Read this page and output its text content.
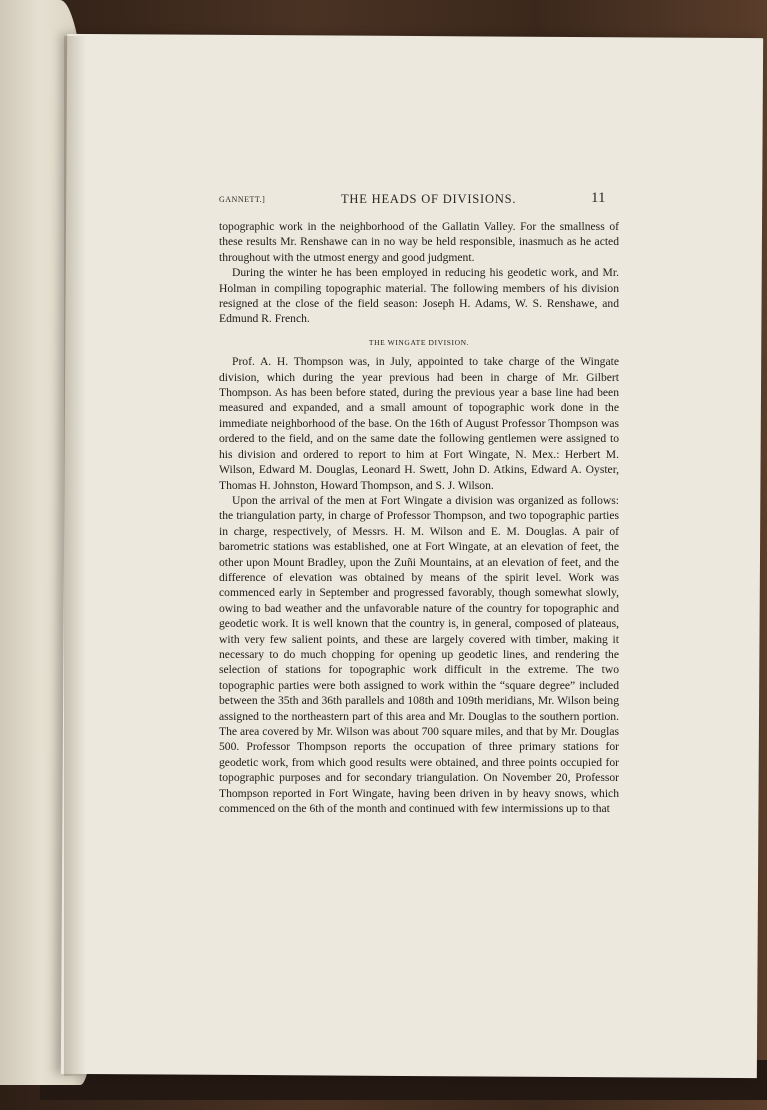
GANNETT.]	THE HEADS OF DIVISIONS.	11

topographic work in the neighborhood of the Gallatin Valley. For the smallness of these results Mr. Renshawe can in no way be held responsible, inasmuch as he acted throughout with the utmost energy and good judgment.

During the winter he has been employed in reducing his geodetic work, and Mr. Holman in compiling topographic material. The following members of his division resigned at the close of the field season: Joseph H. Adams, W. S. Renshawe, and Edmund R. French.

THE WINGATE DIVISION.

Prof. A. H. Thompson was, in July, appointed to take charge of the Wingate division, which during the year previous had been in charge of Mr. Gilbert Thompson. As has been before stated, during the previous year a base line had been measured and expanded, and a small amount of topographic work done in the immediate neighborhood of the base. On the 16th of August Professor Thompson was ordered to the field, and on the same date the following gentlemen were assigned to his division and ordered to report to him at Fort Wingate, N. Mex.: Herbert M. Wilson, Edward M. Douglas, Leonard H. Swett, John D. Atkins, Edward A. Oyster, Thomas H. Johnston, Howard Thompson, and S. J. Wilson.

Upon the arrival of the men at Fort Wingate a division was organized as follows: the triangulation party, in charge of Professor Thompson, and two topographic parties in charge, respectively, of Messrs. H. M. Wilson and E. M. Douglas. A pair of barometric stations was established, one at Fort Wingate, at an elevation of feet, the other upon Mount Bradley, upon the Zuñi Mountains, at an elevation of feet, and the difference of elevation was obtained by means of the spirit level. Work was commenced early in September and progressed favorably, though somewhat slowly, owing to bad weather and the unfavorable nature of the country for topographic and geodetic work. It is well known that the country is, in general, composed of plateaus, with very few salient points, and these are largely covered with timber, making it necessary to do much chopping for opening up geodetic lines, and rendering the selection of stations for topographic work difficult in the extreme. The two topographic parties were both assigned to work within the “square degree” included between the 35th and 36th parallels and 108th and 109th meridians, Mr. Wilson being assigned to the northeastern part of this area and Mr. Douglas to the southern portion. The area covered by Mr. Wilson was about 700 square miles, and that by Mr. Douglas 500. Professor Thompson reports the occupation of three primary stations for geodetic work, from which good results were obtained, and three points occupied for topographic purposes and for secondary triangulation. On November 20, Professor Thompson reported in Fort Wingate, having been driven in by heavy snows, which commenced on the 6th of the month and continued with few intermissions up to that
